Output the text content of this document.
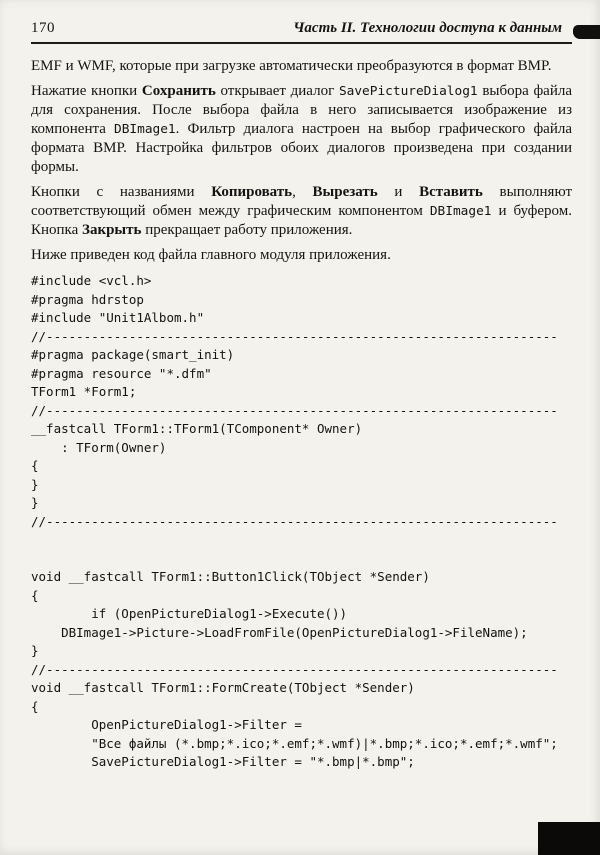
170	Часть II. Технологии доступа к данным

EMF и WMF, которые при загрузке автоматически преобразуются в формат BMP.

Нажатие кнопки Сохранить открывает диалог SavePictureDialog1 выбора файла для сохранения. После выбора файла в него записывается изображение из компонента DBImage1. Фильтр диалога настроен на выбор графического файла формата BMP. Настройка фильтров обоих диалогов произведена при создании формы.

Кнопки с названиями Копировать, Вырезать и Вставить выполняют соответствующий обмен между графическим компонентом DBImage1 и буфером. Кнопка Закрыть прекращает работу приложения.

Ниже приведен код файла главного модуля приложения.

#include <vcl.h>
#pragma hdrstop
#include "Unit1Albom.h"
//--------------------------------------------------------------------
#pragma package(smart_init)
#pragma resource "*.dfm"
TForm1 *Form1;
//--------------------------------------------------------------------
__fastcall TForm1::TForm1(TComponent* Owner)
: TForm(Owner)
{
}
}
//--------------------------------------------------------------------

void __fastcall TForm1::Button1Click(TObject *Sender)
{
if (OpenPictureDialog1->Execute())
DBImage1->Picture->LoadFromFile(OpenPictureDialog1->FileName);
}
//--------------------------------------------------------------------
void __fastcall TForm1::FormCreate(TObject *Sender)
{
OpenPictureDialog1->Filter =
"Все файлы (*.bmp;*.ico;*.emf;*.wmf)|*.bmp;*.ico;*.emf;*.wmf";
SavePictureDialog1->Filter = "*.bmp|*.bmp";
